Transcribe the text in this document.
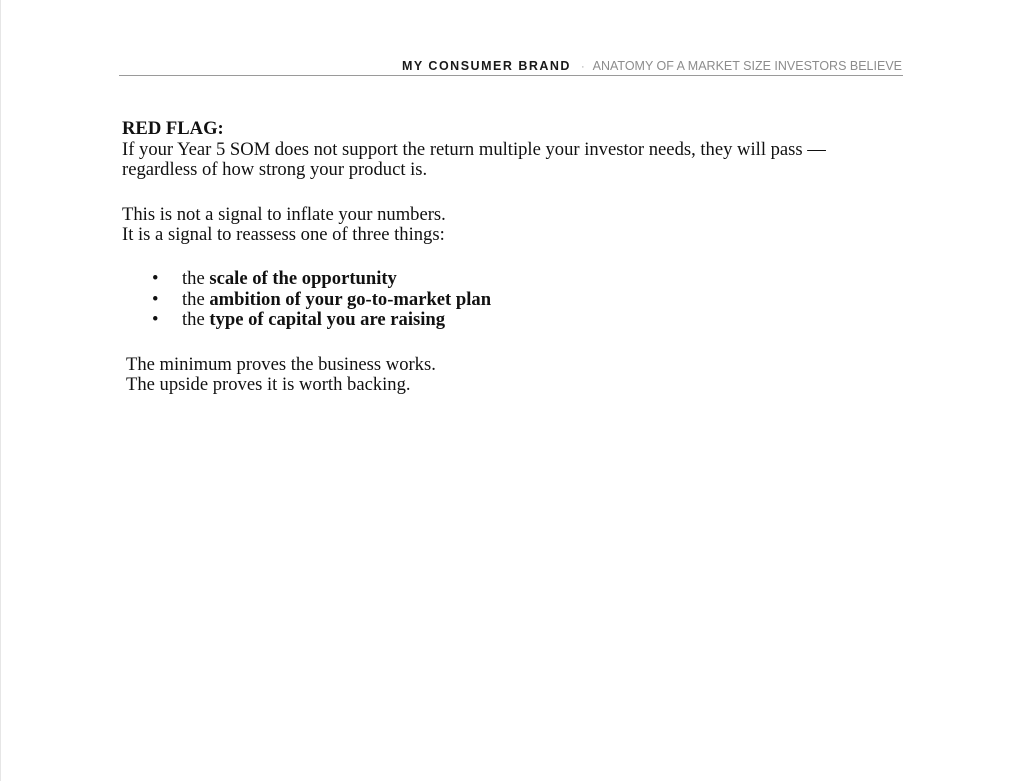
MY CONSUMER BRAND · ANATOMY OF A MARKET SIZE INVESTORS BELIEVE

RED FLAG:

If your Year 5 SOM does not support the return multiple your investor needs, they will pass —

regardless of how strong your product is.

This is not a signal to inflate your numbers.

It is a signal to reassess one of three things:

• the scale of the opportunity
• the ambition of your go-to-market plan
• the type of capital you are raising

The minimum proves the business works.

The upside proves it is worth backing.
